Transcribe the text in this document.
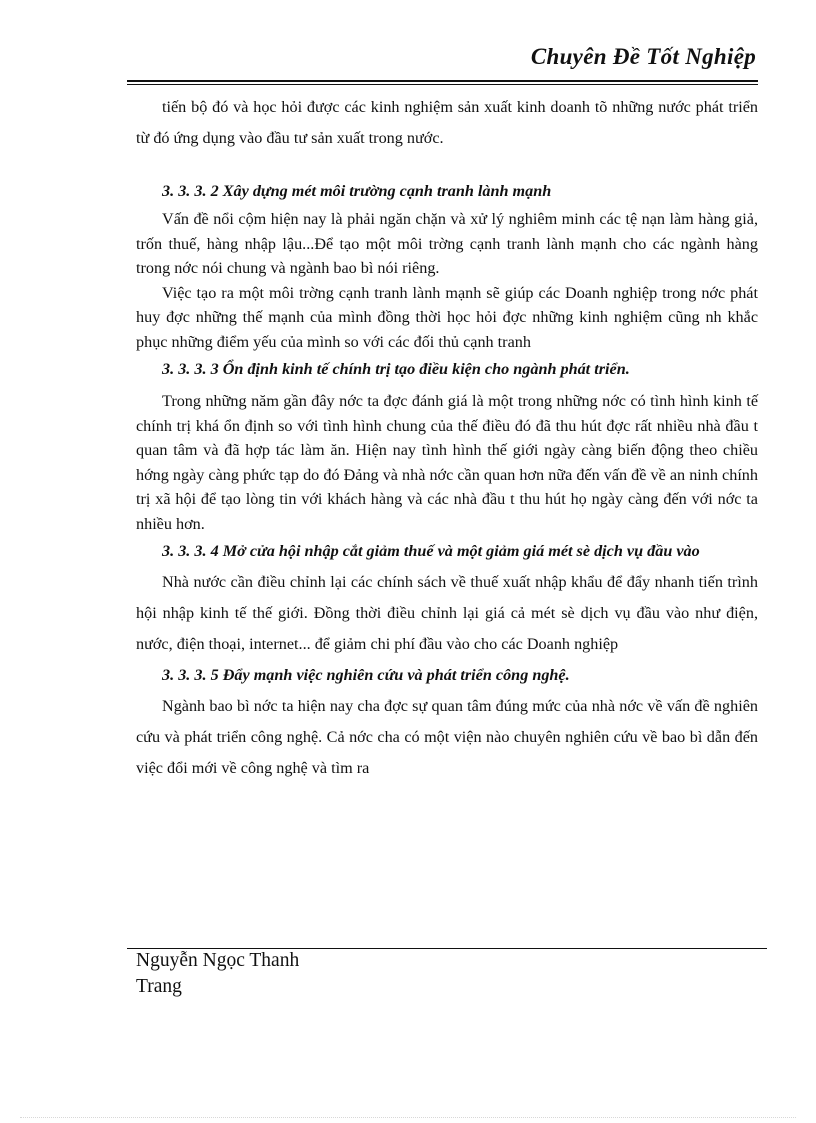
Chuyên Đề Tốt Nghiệp

tiến bộ đó và học hỏi được các kinh nghiệm sản xuất kinh doanh tõ những nước phát triển từ đó ứng dụng vào đầu tư sản xuất trong nước.

3. 3. 3. 2 Xây dựng mét môi trường cạnh tranh lành mạnh

Vấn đề nổi cộm hiện nay là phải ngăn chặn và xử lý nghiêm minh các tệ nạn làm hàng giả, trốn thuế, hàng nhập lậu...Để tạo một môi trờng cạnh tranh lành mạnh cho các ngành hàng trong nớc nói chung và ngành bao bì nói riêng.

Việc tạo ra một môi trờng cạnh tranh lành mạnh sẽ giúp các Doanh nghiệp trong nớc phát huy đợc những thế mạnh của mình đồng thời học hỏi đợc những kinh nghiệm cũng nh khắc phục những điểm yếu của mình so với các đối thủ cạnh tranh

3. 3. 3. 3 Ổn định kinh tế chính trị tạo điều kiện cho ngành phát triển.

Trong những năm gần đây nớc ta đợc đánh giá là một trong những nớc có tình hình kinh tế chính trị khá ổn định so với tình hình chung của thế điều đó đã thu hút đợc rất nhiều nhà đầu t quan tâm và đã hợp tác làm ăn. Hiện nay tình hình thế giới ngày càng biến động theo chiều hớng ngày càng phức tạp do đó Đảng và nhà nớc cần quan hơn nữa đến vấn đề về an ninh chính trị xã hội để tạo lòng tin với khách hàng và các nhà đầu t thu hút họ ngày càng đến với nớc ta nhiều hơn.

3. 3. 3. 4 Mở cửa hội nhập cắt giảm thuế và một giảm giá mét sè dịch vụ đầu vào

Nhà nước cần điều chỉnh lại các chính sách về thuế xuất nhập khẩu để đẩy nhanh tiến trình hội nhập kinh tế thế giới. Đồng thời điều chỉnh lại giá cả mét sè dịch vụ đầu vào như điện, nước, điện thoại, internet... để giảm chi phí đầu vào cho các Doanh nghiệp

3. 3. 3. 5 Đẩy mạnh việc nghiên cứu và phát triển công nghệ.

Ngành bao bì nớc ta hiện nay cha đợc sự quan tâm đúng mức của nhà nớc về vấn đề nghiên cứu và phát triển công nghệ. Cả nớc cha có một viện nào chuyên nghiên cứu về bao bì dẫn đến việc đổi mới về công nghệ và tìm ra

Nguyễn Ngọc Thanh Trang
